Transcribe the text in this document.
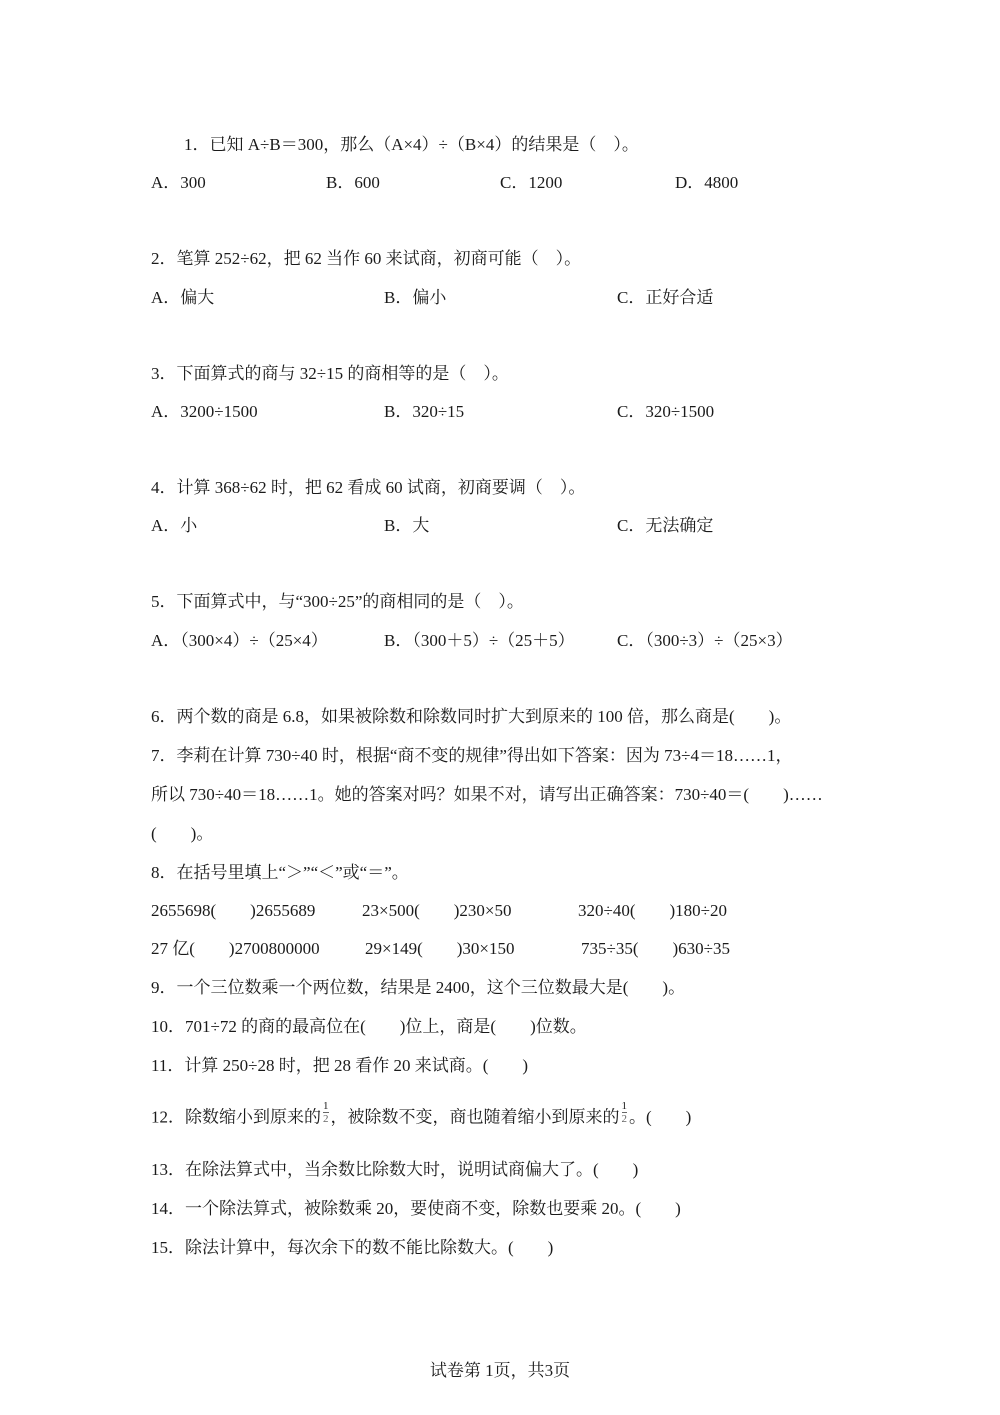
1．已知 A÷B＝300，那么（A×4）÷（B×4）的结果是（　）。
A．300	B．600	C．1200	D．4800
2．笔算 252÷62，把 62 当作 60 来试商，初商可能（　）。
A．偏大	B．偏小	C．正好合适
3．下面算式的商与 32÷15 的商相等的是（　）。
A．3200÷1500	B．320÷15	C．320÷1500
4．计算 368÷62 时，把 62 看成 60 试商，初商要调（　）。
A．小	B．大	C．无法确定
5．下面算式中，与“300÷25”的商相同的是（　）。
A．（300×4）÷（25×4）	B．（300＋5）÷（25＋5） C．（300÷3）÷（25×3）
6．两个数的商是 6.8，如果被除数和除数同时扩大到原来的 100 倍，那么商是(　　)。
7．李莉在计算 730÷40 时，根据“商不变的规律”得出如下答案：因为 73÷4＝18……1，
所以 730÷40＝18……1。她的答案对吗？如果不对，请写出正确答案：730÷40＝(　　)……
(　　)。
8．在括号里填上“＞”“＜”或“＝”。
2655698(　　)2655689	23×500(　　)230×50	320÷40(　　)180÷20
27 亿(　　)2700800000	29×149(　　)30×150	735÷35(　　)630÷35
9．一个三位数乘一个两位数，结果是 2400，这个三位数最大是(　　)。
10．701÷72 的商的最高位在(　　)位上，商是(　　)位数。
11．计算 250÷28 时，把 28 看作 20 来试商。(　　)
12．除数缩小到原来的 $\frac{1}{2}$ ，被除数不变，商也随着缩小到原来的 $\frac{1}{2}$ 。(　　)
13．在除法算式中，当余数比除数大时，说明试商偏大了。(　　)
14．一个除法算式，被除数乘 20，要使商不变，除数也要乘 20。(　　)
15．除法计算中，每次余下的数不能比除数大。(　　)
试卷第 1页，共3页
